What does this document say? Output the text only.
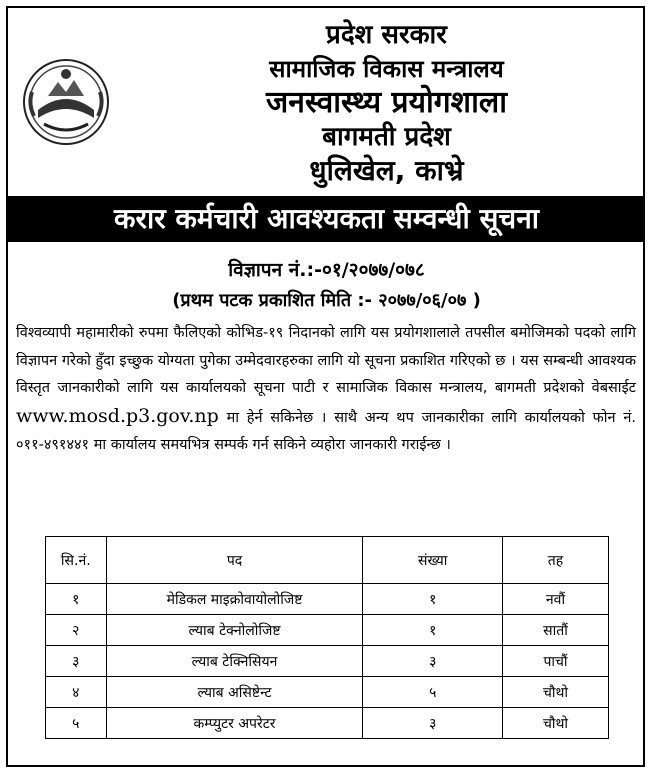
प्रदेश सरकार
सामाजिक विकास मन्त्रालय
जनस्वास्थ्य प्रयोगशाला
बागमती प्रदेश
धुलिखेल, काभ्रे
करार कर्मचारी आवश्यकता सम्वन्धी सूचना
विज्ञापन नं.:-०१/२०७७/०७८
(प्रथम पटक प्रकाशित मिति :- २०७७/०६/०७ )
विश्वव्यापी महामारीको रुपमा फैलिएको कोभिड-१९ निदानको लागि यस प्रयोगशालाले तपसील बमोजिमको पदको लागि विज्ञापन गरेको हुँदा इच्छुक योग्यता पुगेका उम्मेदवारहरुका लागि यो सूचना प्रकाशित गरिएको छ । यस सम्बन्धी आवश्यक विस्तृत जानकारीको लागि यस कार्यालयको सूचना पाटी र सामाजिक विकास मन्त्रालय, बागमती प्रदेशको वेबसाईट www.mosd.p3.gov.np मा हेर्न सकिनेछ । साथै अन्य थप जानकारीका लागि कार्यालयको फोन नं. ०११-४९१४४१ मा कार्यालय समयभित्र सम्पर्क गर्न सकिने व्यहोरा जानकारी गराईन्छ ।
सि.नं.	पद	संख्या	तह
१	मेडिकल माइक्रोवायोलोजिष्ट	१	नवौं
२	ल्याब टेक्नोलोजिष्ट	१	सातौं
३	ल्याब टेक्निसियन	३	पाचौं
४	ल्याब असिष्टेन्ट	५	चौथो
५	कम्प्युटर अपरेटर	३	चौथो
